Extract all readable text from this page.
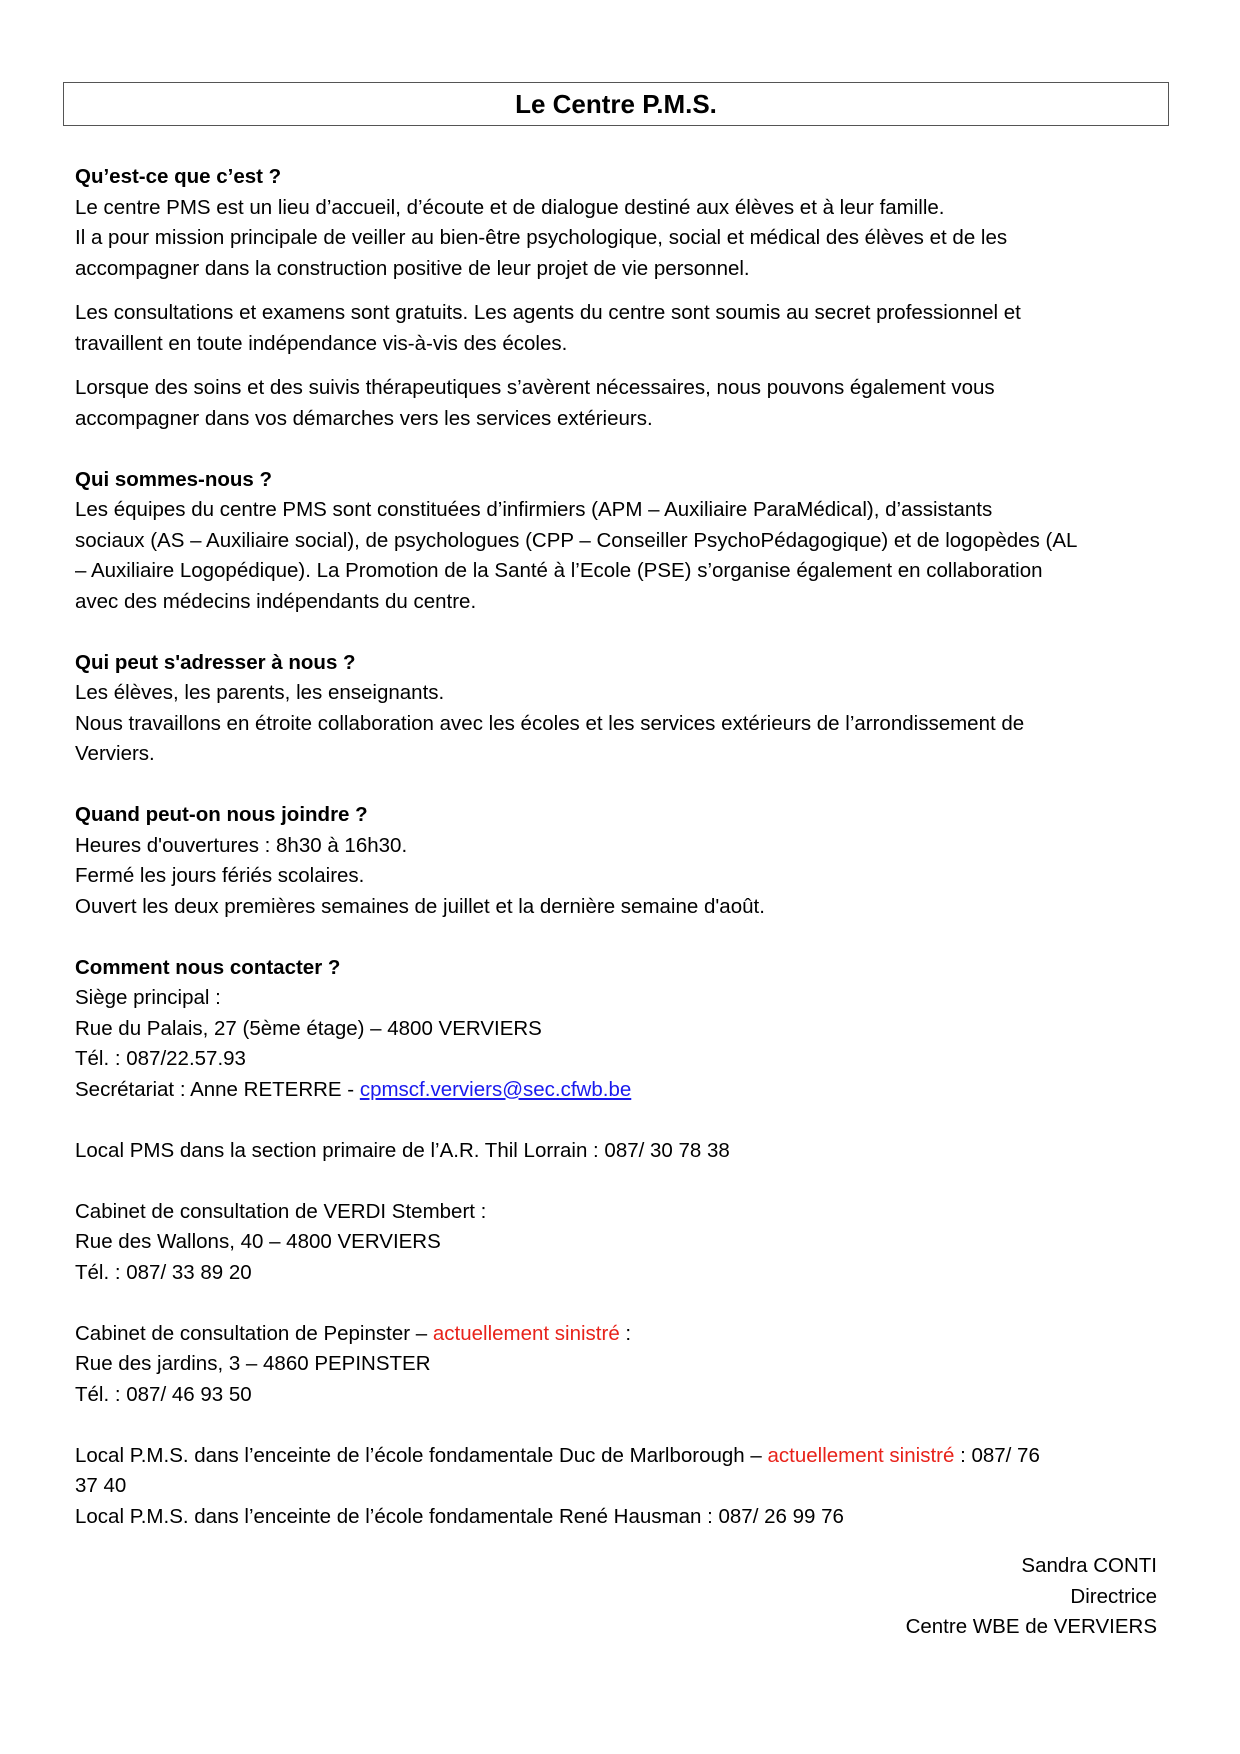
Le Centre P.M.S.

Qu’est-ce que c’est ?

Le centre PMS est un lieu d’accueil, d’écoute et de dialogue destiné aux élèves et à leur famille.

Il a pour mission principale de veiller au bien-être psychologique, social et médical des élèves et de les

accompagner dans la construction positive de leur projet de vie personnel.

Les consultations et examens sont gratuits. Les agents du centre sont soumis au secret professionnel et

travaillent en toute indépendance vis-à-vis des écoles.

Lorsque des soins et des suivis thérapeutiques s’avèrent nécessaires, nous pouvons également vous

accompagner dans vos démarches vers les services extérieurs.

Qui sommes-nous ?

Les équipes du centre PMS sont constituées d’infirmiers (APM – Auxiliaire ParaMédical), d’assistants

sociaux (AS – Auxiliaire social), de psychologues (CPP – Conseiller PsychoPédagogique) et de logopèdes (AL

– Auxiliaire Logopédique). La Promotion de la Santé à l’Ecole (PSE) s’organise également en collaboration

avec des médecins indépendants du centre.

Qui peut s'adresser à nous ?

Les élèves, les parents, les enseignants.

Nous travaillons en étroite collaboration avec les écoles et les services extérieurs de l’arrondissement de

Verviers.

Quand peut-on nous joindre ?

Heures d'ouvertures : 8h30 à 16h30.

Fermé les jours fériés scolaires.

Ouvert les deux premières semaines de juillet et la dernière semaine d'août.

Comment nous contacter ?

Siège principal :

Rue du Palais, 27 (5ème étage) – 4800 VERVIERS

Tél. : 087/22.57.93

Secrétariat : Anne RETERRE - cpmscf.verviers@sec.cfwb.be

Local PMS dans la section primaire de l’A.R. Thil Lorrain : 087/ 30 78 38

Cabinet de consultation de VERDI Stembert :

Rue des Wallons, 40 – 4800 VERVIERS

Tél. : 087/ 33 89 20

Cabinet de consultation de Pepinster – actuellement sinistré :

Rue des jardins, 3 – 4860 PEPINSTER

Tél. : 087/ 46 93 50

Local P.M.S. dans l’enceinte de l’école fondamentale Duc de Marlborough – actuellement sinistré : 087/ 76

37 40

Local P.M.S. dans l’enceinte de l’école fondamentale René Hausman : 087/ 26 99 76

Sandra CONTI

Directrice

Centre WBE de VERVIERS
